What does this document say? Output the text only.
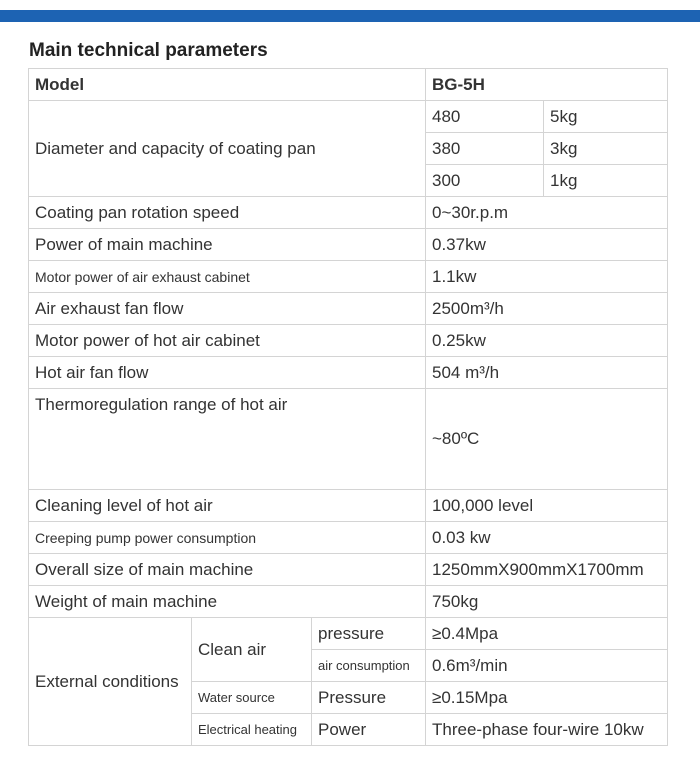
Main technical parameters
Model			BG-5H	
Diameter and capacity of coating pan			480	5kg
			380	3kg
			300	1kg
Coating pan rotation speed			0~30r.p.m	
Power of main machine			0.37kw	
Motor power of air exhaust cabinet			1.1kw	
Air exhaust fan flow			2500m³/h	
Motor power of hot air cabinet			0.25kw	
Hot air fan flow			504 m³/h	
Thermoregulation range of hot air			~80ºC	
Cleaning level of hot air			100,000 level	
Creeping pump power consumption			0.03 kw	
Overall size of main machine			1250mmX900mmX1700mm	
Weight of main machine			750kg	
External conditions	Clean air	pressure	≥0.4Mpa	
		air consumption	0.6m³/min	
	Water source	Pressure	≥0.15Mpa	
	Electrical heating	Power	Three-phase four-wire 10kw	
